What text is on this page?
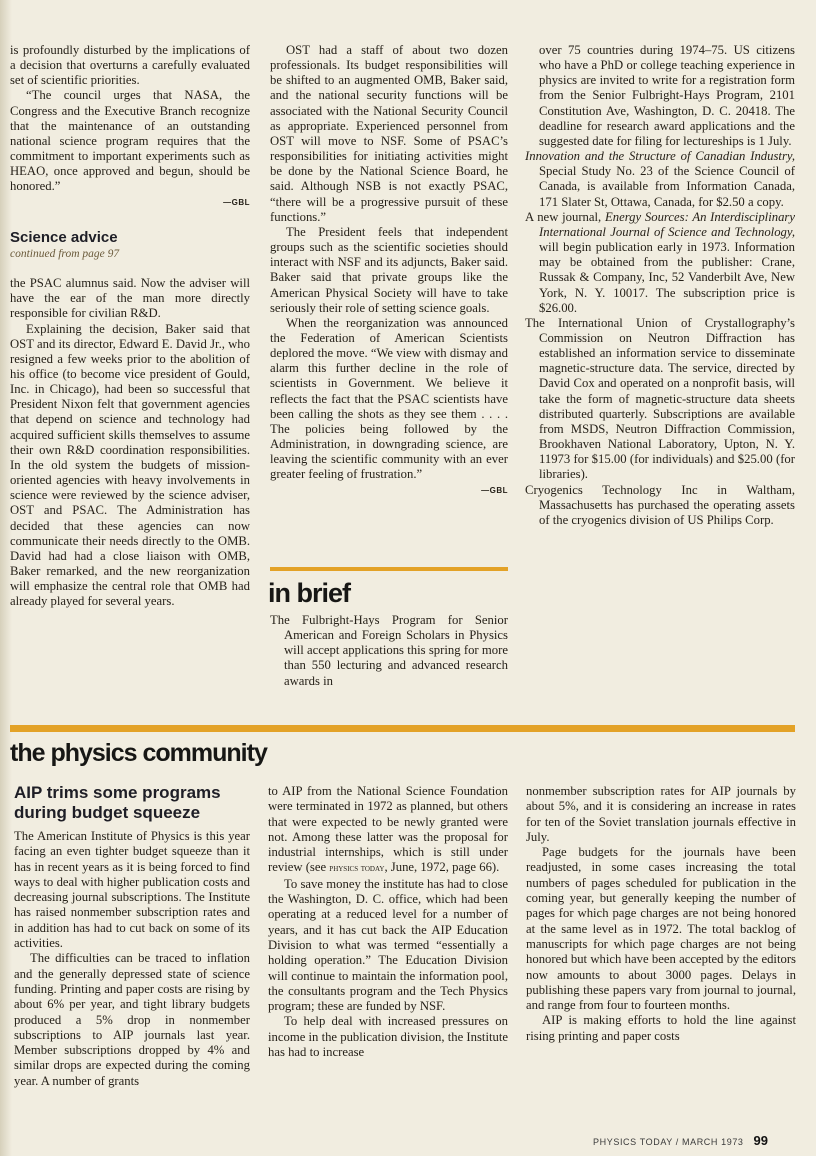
is profoundly disturbed by the implications of a decision that overturns a carefully evaluated set of scientific priorities.

“The council urges that NASA, the Congress and the Executive Branch recognize that the maintenance of an outstanding national science program requires that the commitment to important experiments such as HEAO, once approved and begun, should be honored.”

—GBL
Science advice
continued from page 97

the PSAC alumnus said. Now the adviser will have the ear of the man more directly responsible for civilian R&D.

Explaining the decision, Baker said that OST and its director, Edward E. David Jr., who resigned a few weeks prior to the abolition of his office (to become vice president of Gould, Inc. in Chicago), had been so successful that President Nixon felt that government agencies that depend on science and technology had acquired sufficient skills themselves to assume their own R&D coordination responsibilities. In the old system the budgets of mission-oriented agencies with heavy involvements in science were reviewed by the science adviser, OST and PSAC. The Administration has decided that these agencies can now communicate their needs directly to the OMB. David had had a close liaison with OMB, Baker remarked, and the new reorganization will emphasize the central role that OMB had already played for several years.

OST had a staff of about two dozen professionals. Its budget responsibilities will be shifted to an augmented OMB, Baker said, and the national security functions will be associated with the National Security Council as appropriate. Experienced personnel from OST will move to NSF. Some of PSAC’s responsibilities for initiating activities might be done by the National Science Board, he said. Although NSB is not exactly PSAC, “there will be a progressive pursuit of these functions.”

The President feels that independent groups such as the scientific societies should interact with NSF and its adjuncts, Baker said. Baker said that private groups like the American Physical Society will have to take seriously their role of setting science goals.

When the reorganization was announced the Federation of American Scientists deplored the move. “We view with dismay and alarm this further decline in the role of scientists in Government. We believe it reflects the fact that the PSAC scientists have been calling the shots as they see them . . . . The policies being followed by the Administration, in downgrading science, are leaving the scientific community with an ever greater feeling of frustration.”

—GBL
in brief

The Fulbright-Hays Program for Senior American and Foreign Scholars in Physics will accept applications this spring for more than 550 lecturing and advanced research awards in

over 75 countries during 1974–75. US citizens who have a PhD or college teaching experience in physics are invited to write for a registration form from the Senior Fulbright-Hays Program, 2101 Constitution Ave, Washington, D. C. 20418. The deadline for research award applications and the suggested date for filing for lectureships is 1 July.

Innovation and the Structure of Canadian Industry, Special Study No. 23 of the Science Council of Canada, is available from Information Canada, 171 Slater St, Ottawa, Canada, for $2.50 a copy.

A new journal, Energy Sources: An Interdisciplinary International Journal of Science and Technology, will begin publication early in 1973. Information may be obtained from the publisher: Crane, Russak & Company, Inc, 52 Vanderbilt Ave, New York, N. Y. 10017. The subscription price is $26.00.

The International Union of Crystallography’s Commission on Neutron Diffraction has established an information service to disseminate magnetic-structure data. The service, directed by David Cox and operated on a nonprofit basis, will take the form of magnetic-structure data sheets distributed quarterly. Subscriptions are available from MSDS, Neutron Diffraction Commission, Brookhaven National Laboratory, Upton, N. Y. 11973 for $15.00 (for individuals) and $25.00 (for libraries).

Cryogenics Technology Inc in Waltham, Massachusetts has purchased the operating assets of the cryogenics division of US Philips Corp.

the physics community
AIP trims some programs during budget squeeze

The American Institute of Physics is this year facing an even tighter budget squeeze than it has in recent years as it is being forced to find ways to deal with higher publication costs and decreasing journal subscriptions. The Institute has raised nonmember subscription rates and in addition has had to cut back on some of its activities.

The difficulties can be traced to inflation and the generally depressed state of science funding. Printing and paper costs are rising by about 6% per year, and tight library budgets produced a 5% drop in nonmember subscriptions to AIP journals last year. Member subscriptions dropped by 4% and similar drops are expected during the coming year. A number of grants

to AIP from the National Science Foundation were terminated in 1972 as planned, but others that were expected to be newly granted were not. Among these latter was the proposal for industrial internships, which is still under review (see physics today, June, 1972, page 66).

To save money the institute has had to close the Washington, D. C. office, which had been operating at a reduced level for a number of years, and it has cut back the AIP Education Division to what was termed “essentially a holding operation.” The Education Division will continue to maintain the information pool, the consultants program and the Tech Physics program; these are funded by NSF.

To help deal with increased pressures on income in the publication division, the Institute has had to increase

nonmember subscription rates for AIP journals by about 5%, and it is considering an increase in rates for ten of the Soviet translation journals effective in July.

Page budgets for the journals have been readjusted, in some cases increasing the total numbers of pages scheduled for publication in the coming year, but generally keeping the number of pages for which page charges are not being honored at the same level as in 1972. The total backlog of manuscripts for which page charges are not being honored but which have been accepted by the editors now amounts to about 3000 pages. Delays in publishing these papers vary from journal to journal, and range from four to fourteen months.

AIP is making efforts to hold the line against rising printing and paper costs

PHYSICS TODAY / MARCH 1973 99
